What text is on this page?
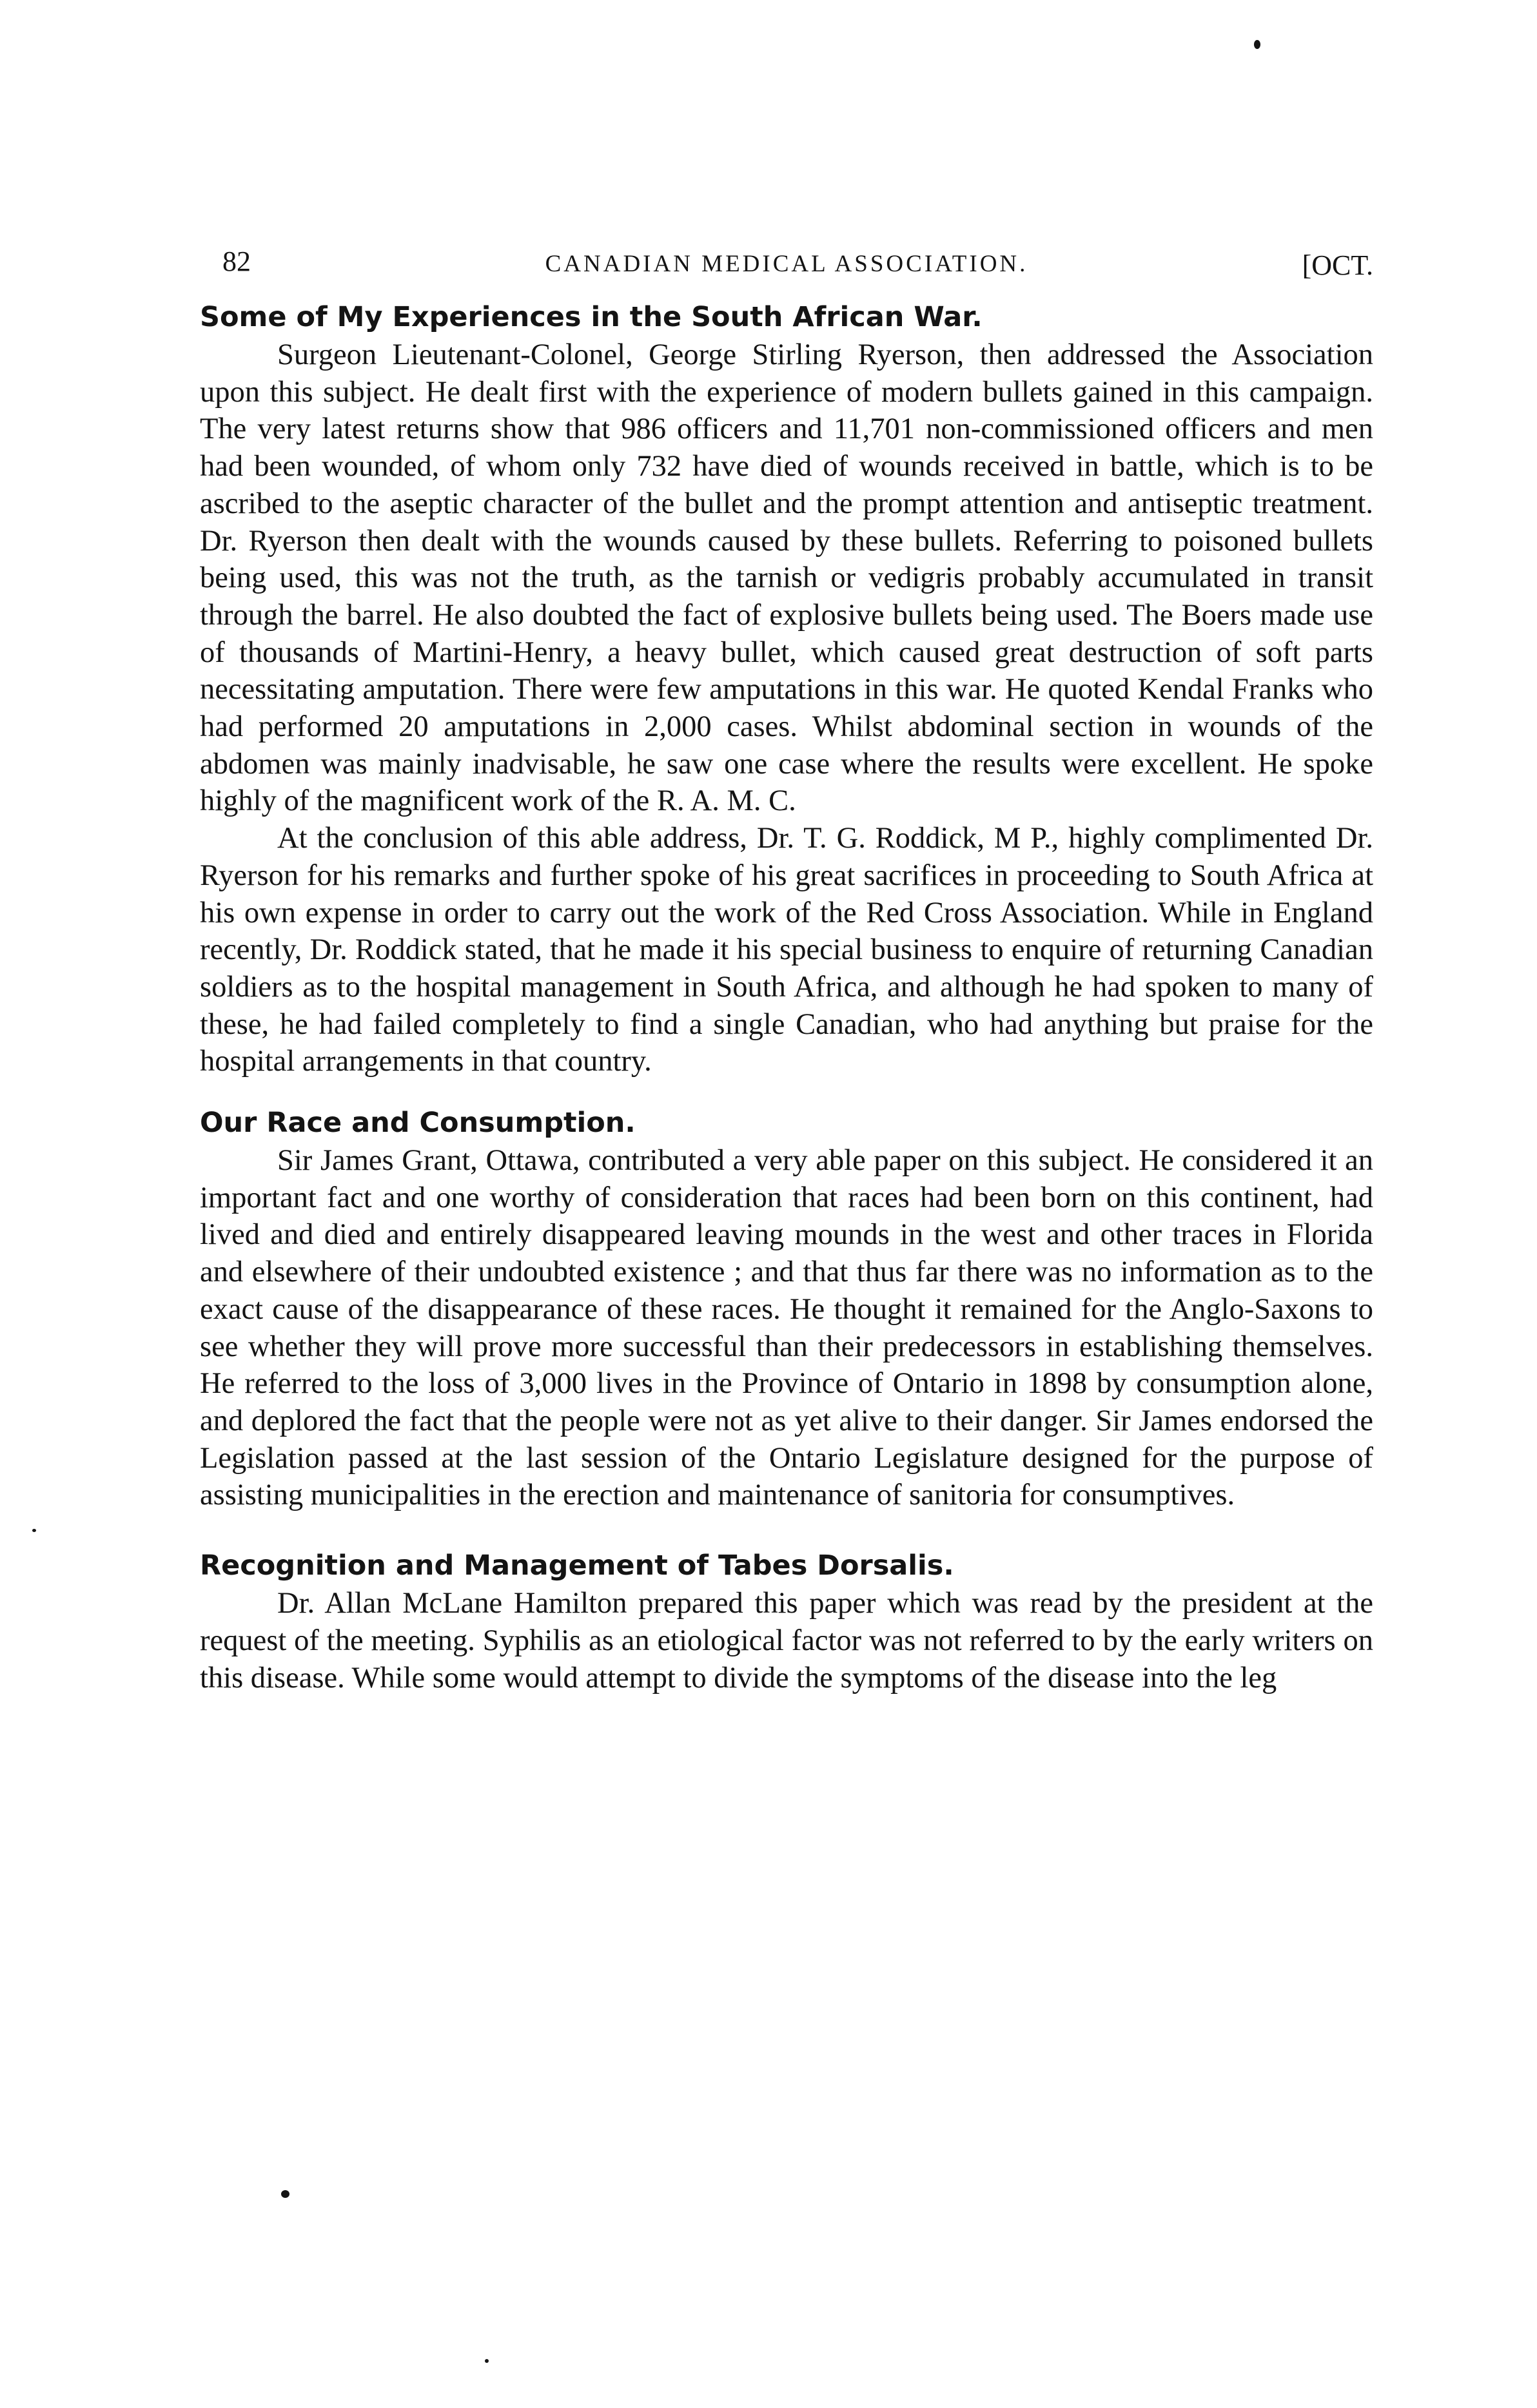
82	CANADIAN MEDICAL ASSOCIATION.	[OCT.
Some of My Experiences in the South African War.

Surgeon Lieutenant-Colonel, George Stirling Ryerson, then addressed the Association upon this subject. He dealt first with the experience of modern bullets gained in this campaign. The very latest returns show that 986 officers and 11,701 non-commissioned officers and men had been wounded, of whom only 732 have died of wounds received in battle, which is to be ascribed to the aseptic character of the bullet and the prompt attention and antiseptic treatment. Dr. Ryerson then dealt with the wounds caused by these bullets. Referring to poisoned bullets being used, this was not the truth, as the tarnish or vedigris probably accumulated in transit through the barrel. He also doubted the fact of explosive bullets being used. The Boers made use of thousands of Martini-Henry, a heavy bullet, which caused great destruction of soft parts necessitating amputation. There were few amputations in this war. He quoted Kendal Franks who had performed 20 amputations in 2,000 cases. Whilst abdominal section in wounds of the abdomen was mainly inadvisable, he saw one case where the results were excellent. He spoke highly of the magnificent work of the R. A. M. C.

At the conclusion of this able address, Dr. T. G. Roddick, M P., highly complimented Dr. Ryerson for his remarks and further spoke of his great sacrifices in proceeding to South Africa at his own expense in order to carry out the work of the Red Cross Association. While in England recently, Dr. Roddick stated, that he made it his special business to enquire of returning Canadian soldiers as to the hospital management in South Africa, and although he had spoken to many of these, he had failed completely to find a single Canadian, who had anything but praise for the hospital arrangements in that country.

Our Race and Consumption.

Sir James Grant, Ottawa, contributed a very able paper on this subject. He considered it an important fact and one worthy of consideration that races had been born on this continent, had lived and died and entirely disappeared leaving mounds in the west and other traces in Florida and elsewhere of their undoubted existence ; and that thus far there was no information as to the exact cause of the disappearance of these races. He thought it remained for the Anglo-Saxons to see whether they will prove more successful than their predecessors in establishing themselves. He referred to the loss of 3,000 lives in the Province of Ontario in 1898 by consumption alone, and deplored the fact that the people were not as yet alive to their danger. Sir James endorsed the Legislation passed at the last session of the Ontario Legislature designed for the purpose of assisting municipalities in the erection and maintenance of sanitoria for consumptives.

Recognition and Management of Tabes Dorsalis.

Dr. Allan McLane Hamilton prepared this paper which was read by the president at the request of the meeting. Syphilis as an etiological factor was not referred to by the early writers on this disease. While some would attempt to divide the symptoms of the disease into the leg
